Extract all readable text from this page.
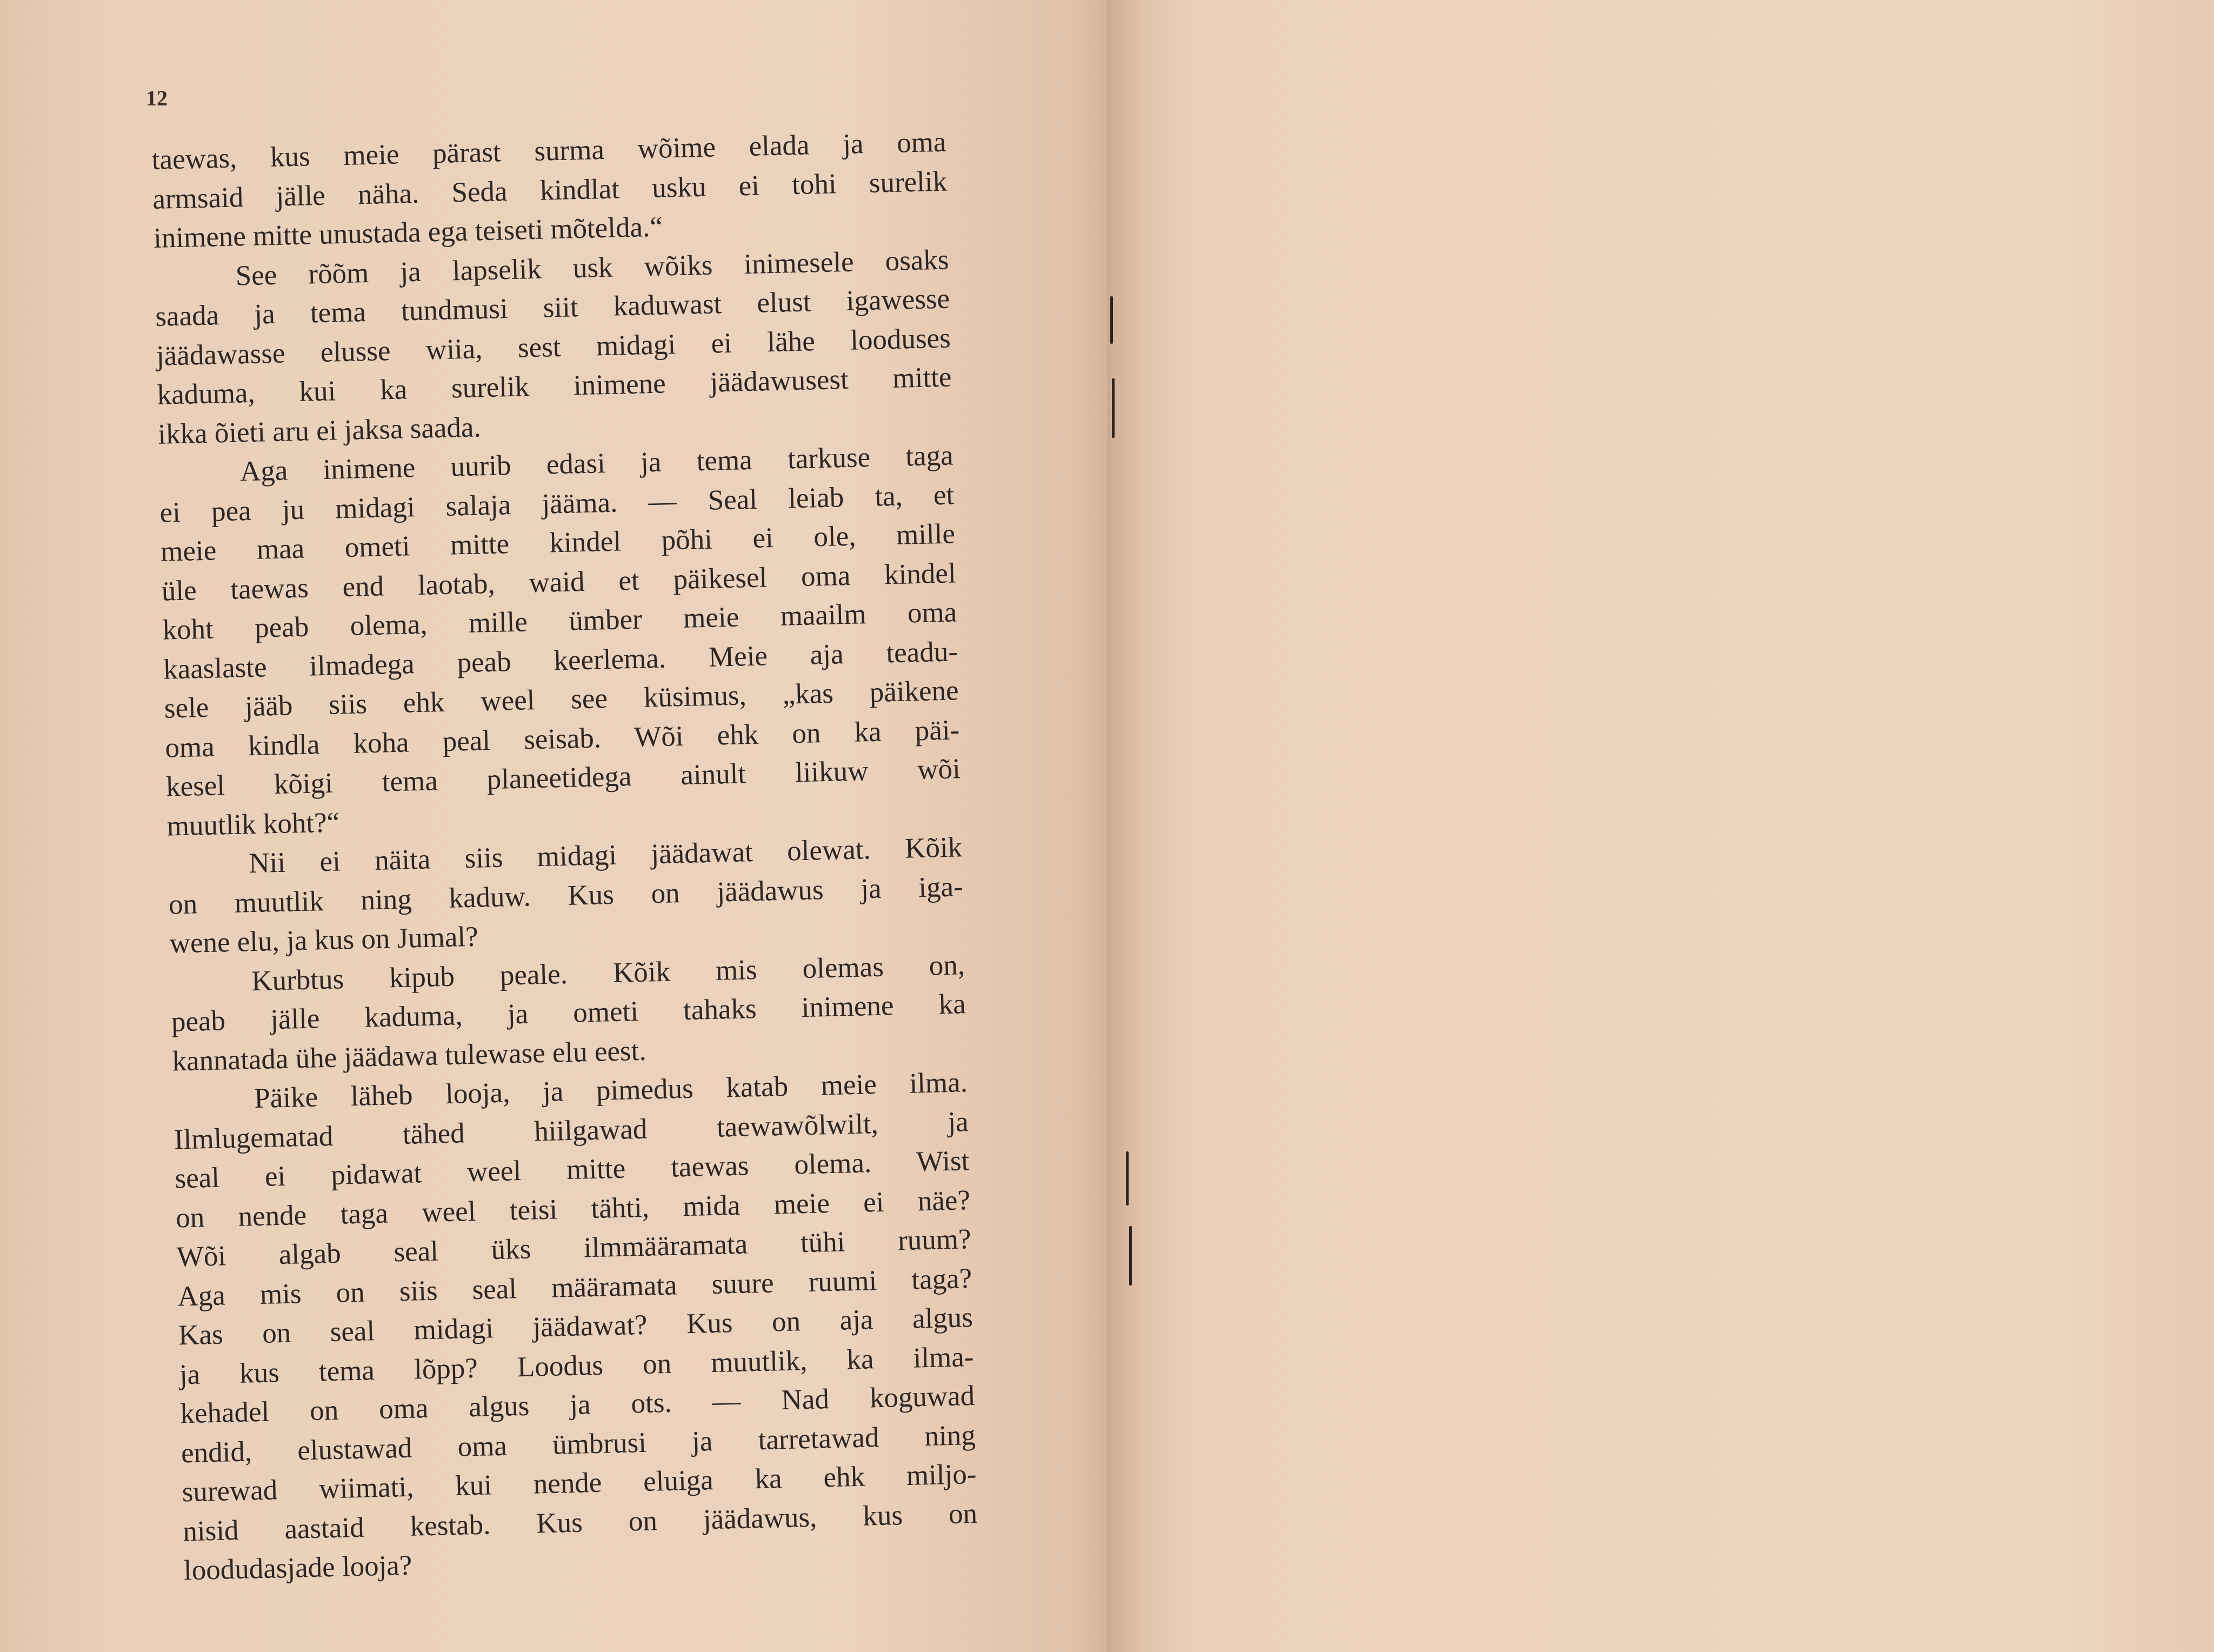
12
taewas, kus meie pärast surma wõime elada ja oma
armsaid jälle näha. Seda kindlat usku ei tohi surelik
inimene mitte unustada ega teiseti mõtelda.“
See rõõm ja lapselik usk wõiks inimesele osaks
saada ja tema tundmusi siit kaduwast elust igawesse
jäädawasse elusse wiia, sest midagi ei lähe looduses
kaduma, kui ka surelik inimene jäädawusest mitte
ikka õieti aru ei jaksa saada.
Aga inimene uurib edasi ja tema tarkuse taga
ei pea ju midagi salaja jääma. — Seal leiab ta, et
meie maa ometi mitte kindel põhi ei ole, mille
üle taewas end laotab, waid et päikesel oma kindel
koht peab olema, mille ümber meie maailm oma
kaaslaste ilmadega peab keerlema. Meie aja teadu-
sele jääb siis ehk weel see küsimus, „kas päikene
oma kindla koha peal seisab. Wõi ehk on ka päi-
kesel kõigi tema planeetidega ainult liikuw wõi
muutlik koht?“
Nii ei näita siis midagi jäädawat olewat. Kõik
on muutlik ning kaduw. Kus on jäädawus ja iga-
wene elu, ja kus on Jumal?
Kurbtus kipub peale. Kõik mis olemas on,
peab jälle kaduma, ja ometi tahaks inimene ka
kannatada ühe jäädawa tulewase elu eest.
Päike läheb looja, ja pimedus katab meie ilma.
Ilmlugematad tähed hiilgawad taewawõlwilt, ja
seal ei pidawat weel mitte taewas olema. Wist
on nende taga weel teisi tähti, mida meie ei näe?
Wõi algab seal üks ilmmääramata tühi ruum?
Aga mis on siis seal määramata suure ruumi taga?
Kas on seal midagi jäädawat? Kus on aja algus
ja kus tema lõpp? Loodus on muutlik, ka ilma-
kehadel on oma algus ja ots. — Nad koguwad
endid, elustawad oma ümbrusi ja tarretawad ning
surewad wiimati, kui nende eluiga ka ehk miljo-
nisid aastaid kestab. Kus on jäädawus, kus on
loodudasjade looja?
